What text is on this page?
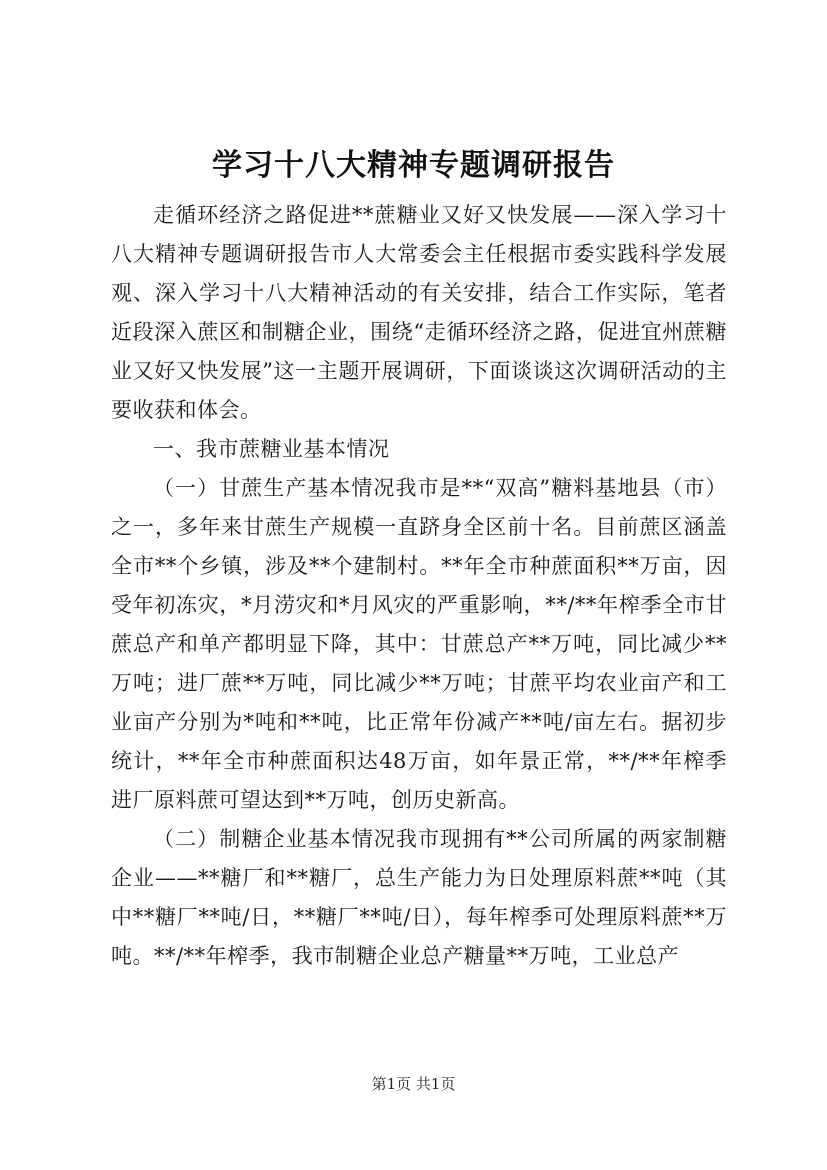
学习十八大精神专题调研报告

走循环经济之路促进**蔗糖业又好又快发展——深入学习十八大精神专题调研报告市人大常委会主任根据市委实践科学发展观、深入学习十八大精神活动的有关安排，结合工作实际，笔者近段深入蔗区和制糖企业，围绕“走循环经济之路，促进宜州蔗糖业又好又快发展”这一主题开展调研，下面谈谈这次调研活动的主要收获和体会。

一、我市蔗糖业基本情况

（一）甘蔗生产基本情况我市是**“双高”糖料基地县（市）之一，多年来甘蔗生产规模一直跻身全区前十名。目前蔗区涵盖全市**个乡镇，涉及**个建制村。**年全市种蔗面积**万亩，因受年初冻灾，*月涝灾和*月风灾的严重影响，**/**年榨季全市甘蔗总产和单产都明显下降，其中：甘蔗总产**万吨，同比减少**万吨；进厂蔗**万吨，同比减少**万吨；甘蔗平均农业亩产和工业亩产分别为*吨和**吨，比正常年份减产**吨/亩左右。据初步统计，**年全市种蔗面积达48万亩，如年景正常，**/**年榨季进厂原料蔗可望达到**万吨，创历史新高。

（二）制糖企业基本情况我市现拥有**公司所属的两家制糖企业——**糖厂和**糖厂，总生产能力为日处理原料蔗**吨（其中**糖厂**吨/日，**糖厂**吨/日），每年榨季可处理原料蔗**万吨。**/**年榨季，我市制糖企业总产糖量**万吨，工业总产

第1页 共1页
